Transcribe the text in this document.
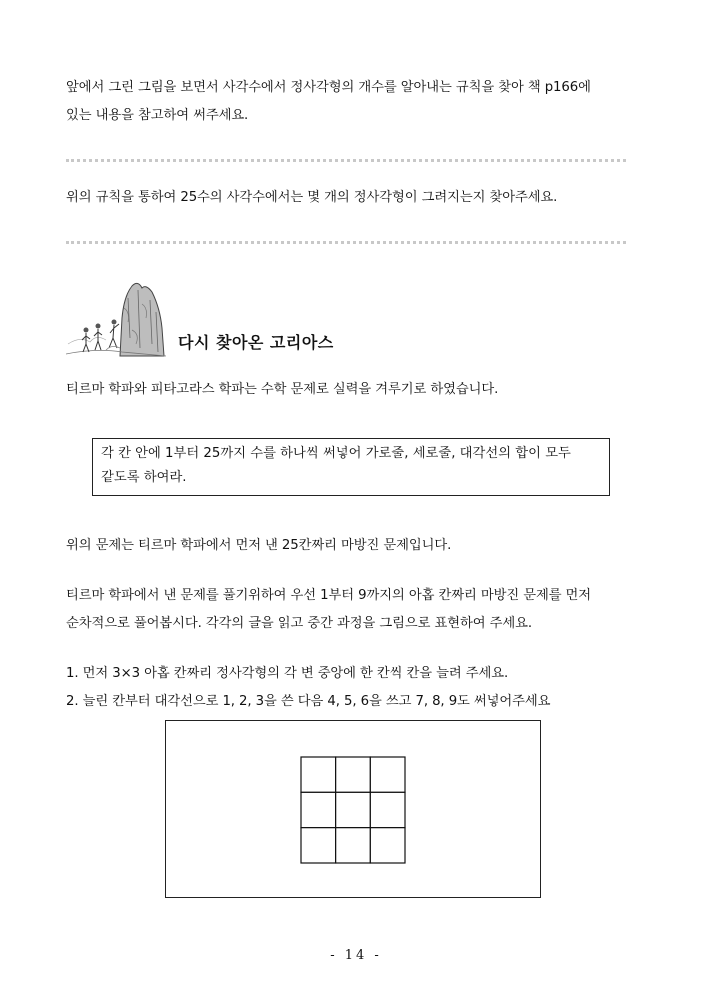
앞에서 그린 그림을 보면서 사각수에서 정사각형의 개수를 알아내는 규칙을 찾아 책 p166에
있는 내용을 참고하여 써주세요.
위의 규칙을 통하여 25수의 사각수에서는 몇 개의 정사각형이 그려지는지 찾아주세요.
다시 찾아온 고리아스
티르마 학파와 피타고라스 학파는 수학 문제로 실력을 겨루기로 하였습니다.
각 칸 안에 1부터 25까지 수를 하나씩 써넣어 가로줄, 세로줄, 대각선의 합이 모두
같도록 하여라.
위의 문제는 티르마 학파에서 먼저 낸 25칸짜리 마방진 문제입니다.
티르마 학파에서 낸 문제를 풀기위하여 우선 1부터 9까지의 아홉 칸짜리 마방진 문제를 먼저
순차적으로 풀어봅시다. 각각의 글을 읽고 중간 과정을 그림으로 표현하여 주세요.
1. 먼저 3×3 아홉 칸짜리 정사각형의 각 변 중앙에 한 칸씩 칸을 늘려 주세요.
2. 늘린 칸부터 대각선으로 1, 2, 3을 쓴 다음 4, 5, 6을 쓰고 7, 8, 9도 써넣어주세요
- 14 -
